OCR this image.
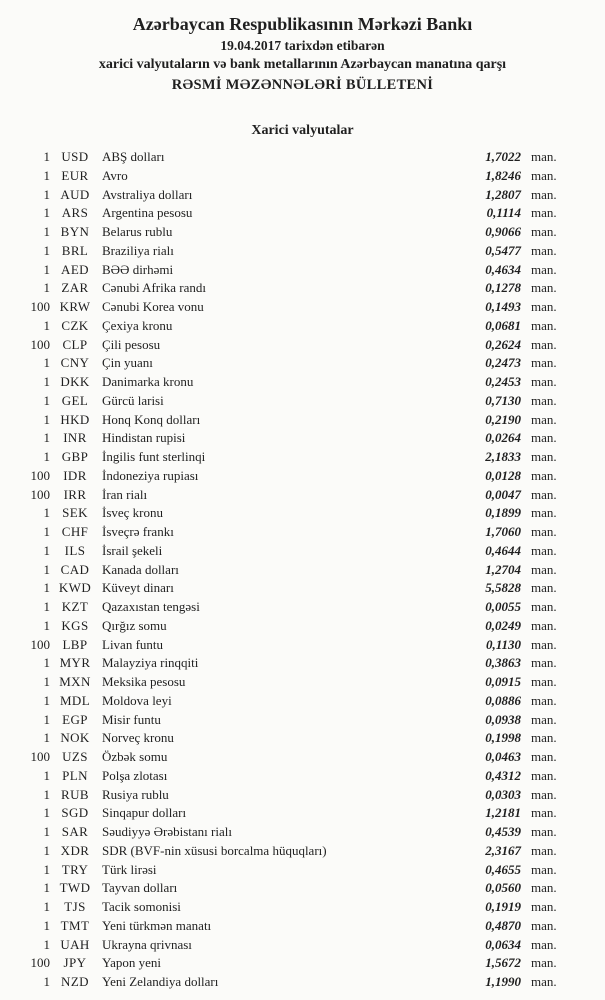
Azərbaycan Respublikasının Mərkəzi Bankı
19.04.2017 tarixdən etibarən
xarici valyutaların və bank metallarının Azərbaycan manatına qarşı
RƏSMİ MƏZƏNNƏLƏRİ BÜLLETENİ
Xarici valyutalar
1 USD	ABŞ dolları	1,7022 man.
1 EUR	Avro	1,8246 man.
1 AUD Avstraliya dolları	1,2807 man.
1 ARS	Argentina pesosu	0,1114 man.
1 BYN Belarus rublu	0,9066 man.
1 BRL	Braziliya rialı	0,5477 man.
1 AED	BƏƏ dirhəmi	0,4634 man.
1 ZAR	Cənubi Afrika randı	0,1278 man.
100 KRW Cənubi Korea vonu	0,1493 man.
1 CZK	Çexiya kronu	0,0681 man.
100 CLP	Çili pesosu	0,2624 man.
1 CNY Çin yuanı	0,2473 man.
1 DKK Danimarka kronu	0,2453 man.
1 GEL	Gürcü larisi	0,7130 man.
1 HKD Honq Konq dolları	0,2190 man.
1	INR	Hindistan rupisi	0,0264 man.
1 GBP	İngilis funt sterlinqi	2,1833 man.
100	IDR	İndoneziya rupiası	0,0128 man.
100	IRR	İran rialı	0,0047 man.
1 SEK	İsveç kronu	0,1899 man.
1 CHF	İsveçrə frankı	1,7060 man.
1	ILS	İsrail şekeli	0,4644 man.
1 CAD Kanada dolları	1,2704 man.
1 KWD Küveyt dinarı	5,5828 man.
1 KZT	Qazaxıstan tengəsi	0,0055 man.
1 KGS	Qırğız somu	0,0249 man.
100 LBP	Livan funtu	0,1130 man.
1 MYR Malayziya rinqqiti	0,3863 man.
1 MXN Meksika pesosu	0,0915 man.
1 MDL Moldova leyi	0,0886 man.
1 EGP	Misir funtu	0,0938 man.
1 NOK Norveç kronu	0,1998 man.
100 UZS	Özbək somu	0,0463 man.
1 PLN	Polşa zlotası	0,4312 man.
1 RUB	Rusiya rublu	0,0303 man.
1 SGD	Sinqapur dolları	1,2181 man.
1 SAR	Səudiyyə Ərəbistanı rialı	0,4539 man.
1 XDR SDR (BVF-nin xüsusi borcalma hüquqları)	2,3167 man.
1 TRY	Türk lirəsi	0,4655 man.
1 TWD Tayvan dolları	0,0560 man.
1	TJS	Tacik somonisi	0,1919 man.
1 TMT Yeni türkmən manatı	0,4870 man.
1 UAH Ukrayna qrivnası	0,0634 man.
100	JPY	Yapon yeni	1,5672 man.
1 NZD	Yeni Zelandiya dolları	1,1990 man.
